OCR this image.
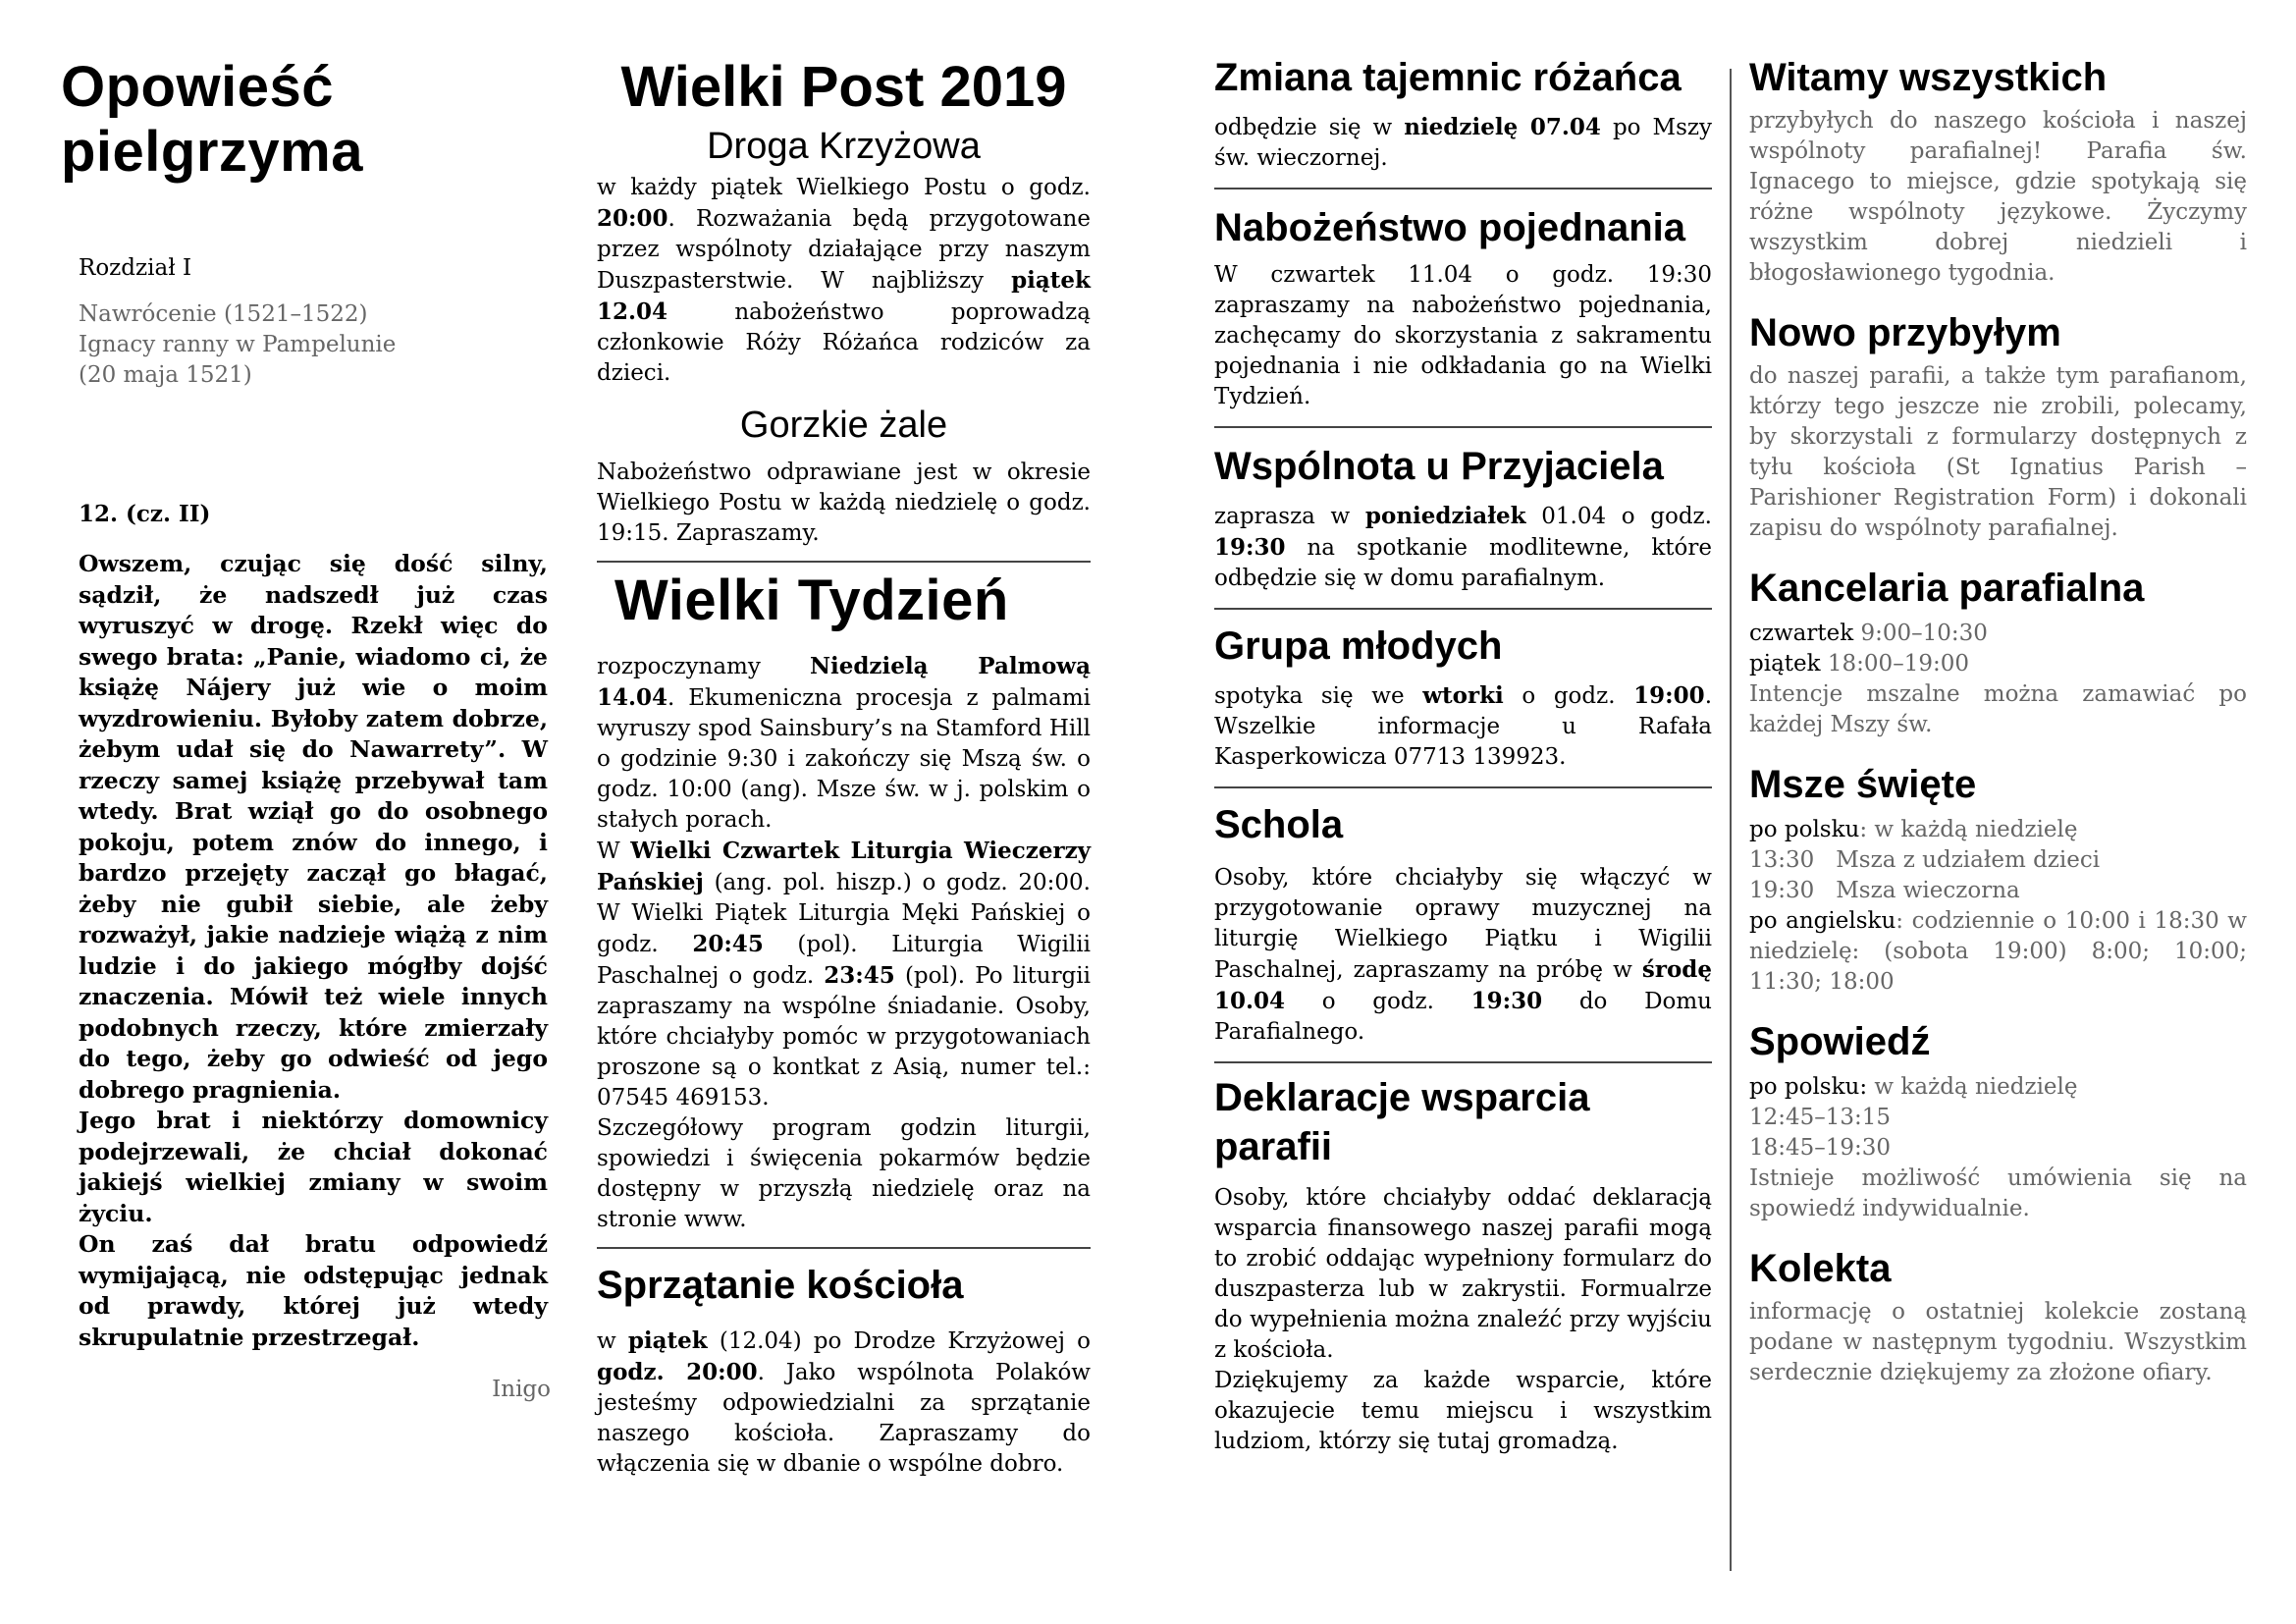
Opowieść
pielgrzyma
Rozdział I
Nawrócenie (1521–1522)
Ignacy ranny w Pampelunie
(20 maja 1521)
12. (cz. II)

Owszem, czując się dość silny, sądził, że nadszedł już czas wyruszyć w drogę. Rzekł więc do swego brata: „Panie, wiadomo ci, że książę Nájery już wie o moim wyzdrowieniu. Byłoby zatem dobrze, żebym udał się do Nawarrety”. W rzeczy samej książę przebywał tam wtedy. Brat wziął go do osobnego pokoju, potem znów do innego, i bardzo przejęty zaczął go błagać, żeby nie gubił siebie, ale żeby rozważył, jakie nadzieje wiążą z nim ludzie i do jakiego mógłby dojść znaczenia. Mówił też wiele innych podobnych rzeczy, które zmierzały do tego, żeby go odwieść od jego dobrego pragnienia.

Jego brat i niektórzy domownicy podejrzewali, że chciał dokonać jakiejś wielkiej zmiany w swoim życiu.

On zaś dał bratu odpowiedź wymijającą, nie odstępując jednak od prawdy, której już wtedy skrupulatnie przestrzegał.

Inigo
Wielki Post 2019
Droga Krzyżowa

w każdy piątek Wielkiego Postu o godz. 20:00. Rozważania będą przygotowane przez wspólnoty działające przy naszym Duszpasterstwie. W najbliższy piątek 12.04 nabożeństwo poprowadzą członkowie Róży Różańca rodziców za dzieci.

Gorzkie żale

Nabożeństwo odprawiane jest w okresie Wielkiego Postu w każdą niedzielę o godz. 19:15. Zapraszamy.

Wielki Tydzień

rozpoczynamy Niedzielą Palmową 14.04. Ekumeniczna procesja z palmami wyruszy spod Sainsbury’s na Stamford Hill o godzinie 9:30 i zakończy się Mszą św. o godz. 10:00 (ang). Msze św. w j. polskim o stałych porach.

W Wielki Czwartek Liturgia Wieczerzy Pańskiej (ang. pol. hiszp.) o godz. 20:00. W Wielki Piątek Liturgia Męki Pańskiej o godz. 20:45 (pol). Liturgia Wigilii Paschalnej o godz. 23:45 (pol). Po liturgii zapraszamy na wspólne śniadanie. Osoby, które chciałyby pomóc w przygotowaniach proszone są o kontkat z Asią, numer tel.: 07545 469153.

Szczegółowy program godzin liturgii, spowiedzi i święcenia pokarmów będzie dostępny w przyszłą niedzielę oraz na stronie www.

Sprzątanie kościoła

w piątek (12.04) po Drodze Krzyżowej o godz. 20:00. Jako wspólnota Polaków jesteśmy odpowiedzialni za sprzątanie naszego kościoła. Zapraszamy do włączenia się w dbanie o wspólne dobro.

Zmiana tajemnic różańca

odbędzie się w niedzielę 07.04 po Mszy św. wieczornej.

Nabożeństwo pojednania

W czwartek 11.04 o godz. 19:30 zapraszamy na nabożeństwo pojednania, zachęcamy do skorzystania z sakramentu pojednania i nie odkładania go na Wielki Tydzień.

Wspólnota u Przyjaciela

zaprasza w poniedziałek 01.04 o godz. 19:30 na spotkanie modlitewne, które odbędzie się w domu parafialnym.

Grupa młodych

spotyka się we wtorki o godz. 19:00. Wszelkie informacje u Rafała Kasperkowicza 07713 139923.

Schola

Osoby, które chciałyby się włączyć w przygotowanie oprawy muzycznej na liturgię Wielkiego Piątku i Wigilii Paschalnej, zapraszamy na próbę w środę 10.04 o godz. 19:30 do Domu Parafialnego.

Deklaracje wsparcia
parafii

Osoby, które chciałyby oddać deklaracją wsparcia finansowego naszej parafii mogą to zrobić oddając wypełniony formularz do duszpasterza lub w zakrystii. Formualrze do wypełnienia można znaleźć przy wyjściu z kościoła.

Dziękujemy za każde wsparcie, które okazujecie temu miejscu i wszystkim ludziom, którzy się tutaj gromadzą.

Witamy wszystkich

przybyłych do naszego kościoła i naszej wspólnoty parafialnej! Parafia św. Ignacego to miejsce, gdzie spotykają się różne wspólnoty językowe. Życzymy wszystkim dobrej niedzieli i błogosławionego tygodnia.

Nowo przybyłym

do naszej parafii, a także tym parafianom, którzy tego jeszcze nie zrobili, polecamy, by skorzystali z formularzy dostępnych z tyłu kościoła (St Ignatius Parish – Parishioner Registration Form) i dokonali zapisu do wspólnoty parafialnej.

Kancelaria parafialna
czwartek 9:00–10:30
piątek 18:00–19:00

Intencje mszalne można zamawiać po każdej Mszy św.

Msze święte
po polsku: w każdą niedzielę
13:30 Msza z udziałem dzieci
19:30 Msza wieczorna

po angielsku: codziennie o 10:00 i 18:30 w niedzielę: (sobota 19:00) 8:00; 10:00; 11:30; 18:00

Spowiedź
po polsku: w każdą niedzielę
12:45–13:15
18:45–19:30

Istnieje możliwość umówienia się na spowiedź indywidualnie.

Kolekta

informację o ostatniej kolekcie zostaną podane w następnym tygodniu. Wszystkim serdecznie dziękujemy za złożone ofiary.
